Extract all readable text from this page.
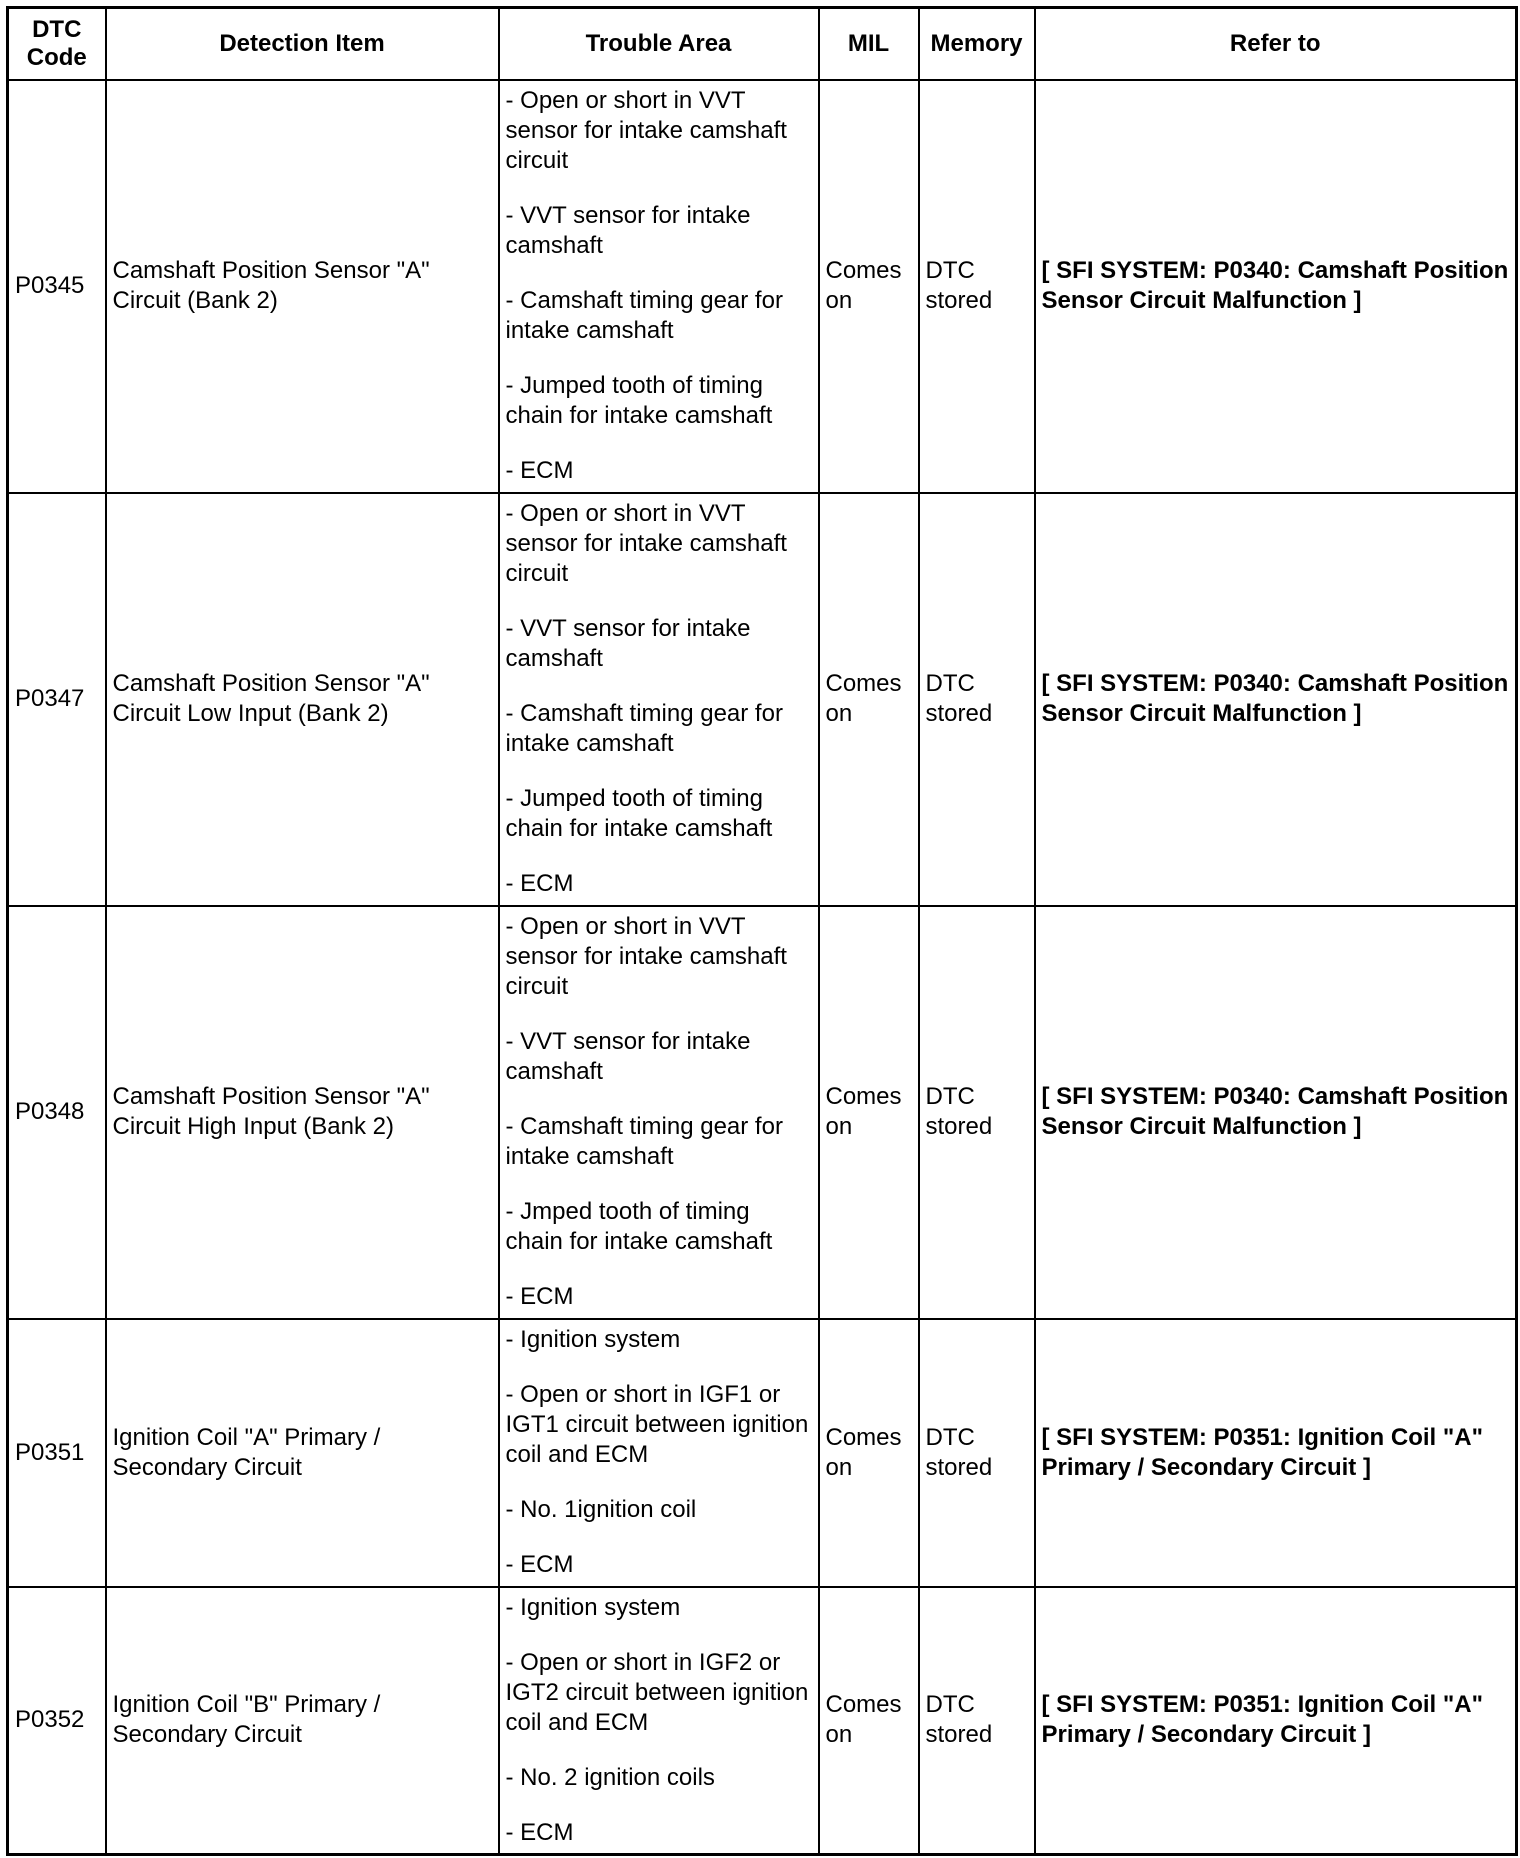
DTC Code	Detection Item	Trouble Area	MIL	Memory	Refer to
P0345	Camshaft Position Sensor "A" Circuit (Bank 2)	- Open or short in VVT sensor for intake camshaft circuit
- VVT sensor for intake camshaft
- Camshaft timing gear for intake camshaft
- Jumped tooth of timing chain for intake camshaft
- ECM	Comes on	DTC stored	[ SFI SYSTEM: P0340: Camshaft Position Sensor Circuit Malfunction ]
P0347	Camshaft Position Sensor "A" Circuit Low Input (Bank 2)	- Open or short in VVT sensor for intake camshaft circuit
- VVT sensor for intake camshaft
- Camshaft timing gear for intake camshaft
- Jumped tooth of timing chain for intake camshaft
- ECM	Comes on	DTC stored	[ SFI SYSTEM: P0340: Camshaft Position Sensor Circuit Malfunction ]
P0348	Camshaft Position Sensor "A" Circuit High Input (Bank 2)	- Open or short in VVT sensor for intake camshaft circuit
- VVT sensor for intake camshaft
- Camshaft timing gear for intake camshaft
- Jmped tooth of timing chain for intake camshaft
- ECM	Comes on	DTC stored	[ SFI SYSTEM: P0340: Camshaft Position Sensor Circuit Malfunction ]
P0351	Ignition Coil "A" Primary / Secondary Circuit	- Ignition system
- Open or short in IGF1 or IGT1 circuit between ignition coil and ECM
- No. 1ignition coil
- ECM	Comes on	DTC stored	[ SFI SYSTEM: P0351: Ignition Coil "A" Primary / Secondary Circuit ]
P0352	Ignition Coil "B" Primary / Secondary Circuit	- Ignition system
- Open or short in IGF2 or IGT2 circuit between ignition coil and ECM
- No. 2 ignition coils
- ECM	Comes on	DTC stored	[ SFI SYSTEM: P0351: Ignition Coil "A" Primary / Secondary Circuit ]
